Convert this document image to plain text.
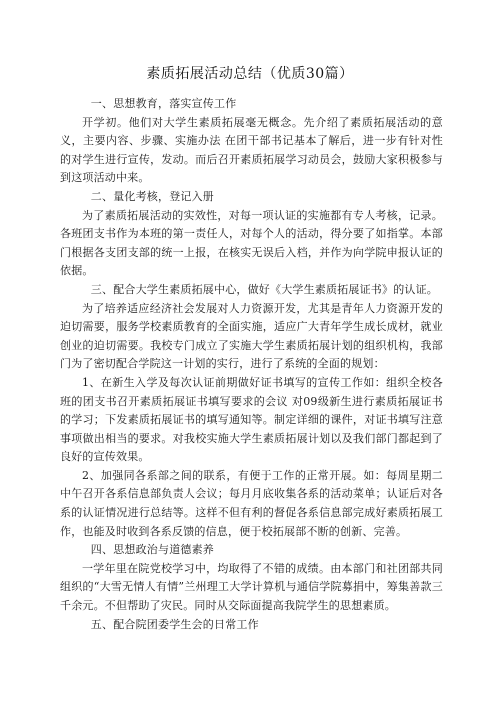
素质拓展活动总结（优质30篇）

一、思想教育，落实宣传工作

开学初。他们对大学生素质拓展毫无概念。先介绍了素质拓展活动的意义，主要内容、步骤、实施办法 在团干部书记基本了解后，进一步有针对性的对学生进行宣传，发动。而后召开素质拓展学习动员会，鼓励大家积极参与到这项活动中来。

二、量化考核，登记入册

为了素质拓展活动的实效性，对每一项认证的实施都有专人考核，记录。各班团支书作为本班的第一责任人，对每个人的活动，得分要了如指掌。本部门根据各支团支部的统一上报，在核实无误后入档，并作为向学院申报认证的依据。

三、配合大学生素质拓展中心，做好《大学生素质拓展证书》的认证。

为了培养适应经济社会发展对人力资源开发，尤其是青年人力资源开发的迫切需要，服务学校素质教育的全面实施，适应广大青年学生成长成材，就业创业的迫切需要。我校专门成立了实施大学生素质拓展计划的组织机构，我部门为了密切配合学院这一计划的实行，进行了系统的全面的规划：

1、在新生入学及每次认证前期做好证书填写的宣传工作如：组织全校各班的团支书召开素质拓展证书填写要求的会议 对09级新生进行素质拓展证书的学习；下发素质拓展证书的填写通知等。制定详细的课件，对证书填写注意事项做出相当的要求。对我校实施大学生素质拓展计划以及我们部门都起到了良好的宣传效果。

2、加强同各系部之间的联系，有便于工作的正常开展。如：每周星期二中午召开各系信息部负责人会议；每月月底收集各系的活动菜单；认证后对各系的认证情况进行总结等。这样不但有利的督促各系信息部完成好素质拓展工作，也能及时收到各系反馈的信息，便于校拓展部不断的创新、完善。

四、思想政治与道德素养

一学年里在院党校学习中，均取得了不错的成绩。由本部门和社团部共同组织的“大雪无情人有情”兰州理工大学计算机与通信学院募捐中，筹集善款三千余元。不但帮助了灾民。同时从交际面提高我院学生的思想素质。

五、配合院团委学生会的日常工作
